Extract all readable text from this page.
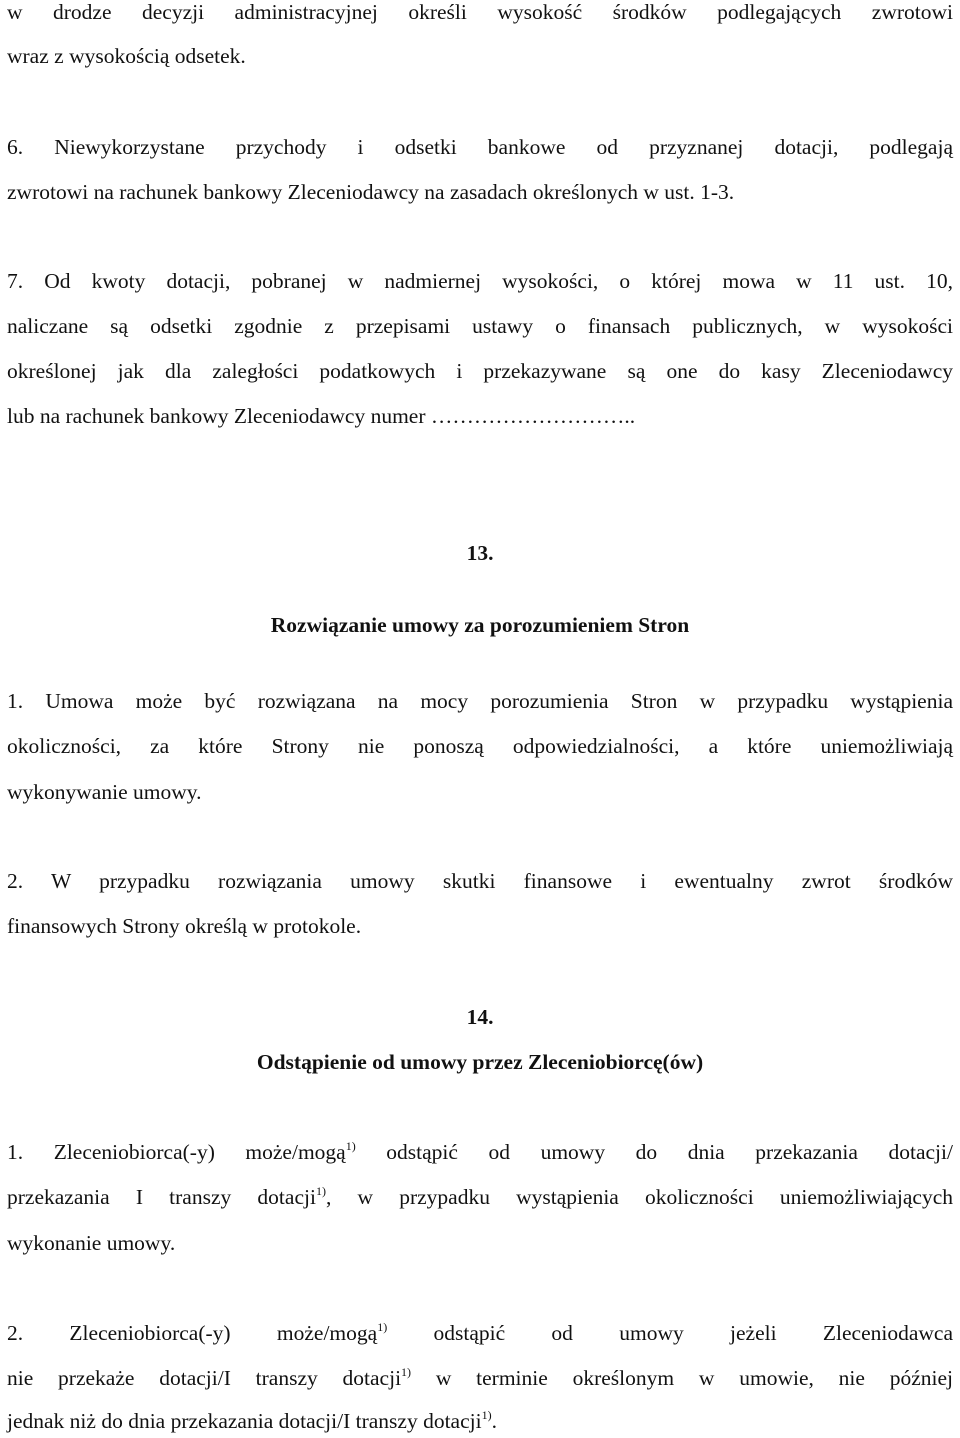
w drodze decyzji administracyjnej określi wysokość środków podlegających zwrotowi
wraz z wysokością odsetek.
6. Niewykorzystane przychody i odsetki bankowe od przyznanej dotacji, podlegają
zwrotowi na rachunek bankowy Zleceniodawcy na zasadach określonych w ust. 1-3.
7. Od kwoty dotacji, pobranej w nadmiernej wysokości, o której mowa w 11 ust. 10,
naliczane są odsetki zgodnie z przepisami ustawy o finansach publicznych, w wysokości
określonej jak dla zaległości podatkowych i przekazywane są one do kasy Zleceniodawcy
lub na rachunek bankowy Zleceniodawcy numer ………………………..
13.
Rozwiązanie umowy za porozumieniem Stron
1. Umowa może być rozwiązana na mocy porozumienia Stron w przypadku wystąpienia
okoliczności, za które Strony nie ponoszą odpowiedzialności, a które uniemożliwiają
wykonywanie umowy.
2. W przypadku rozwiązania umowy skutki finansowe i ewentualny zwrot środków
finansowych Strony określą w protokole.
14.
Odstąpienie od umowy przez Zleceniobiorcę(ów)
1. Zleceniobiorca(-y) może/mogą$^{1)}$ odstąpić od umowy do dnia przekazania dotacji/
przekazania I transzy dotacji$^{1)}$, w przypadku wystąpienia okoliczności uniemożliwiających
wykonanie umowy.
2. Zleceniobiorca(-y) może/mogą$^{1)}$ odstąpić od umowy jeżeli Zleceniodawca
nie przekaże dotacji/I transzy dotacji$^{1)}$ w terminie określonym w umowie, nie później
jednak niż do dnia przekazania dotacji/I transzy dotacji$^{1)}$.
